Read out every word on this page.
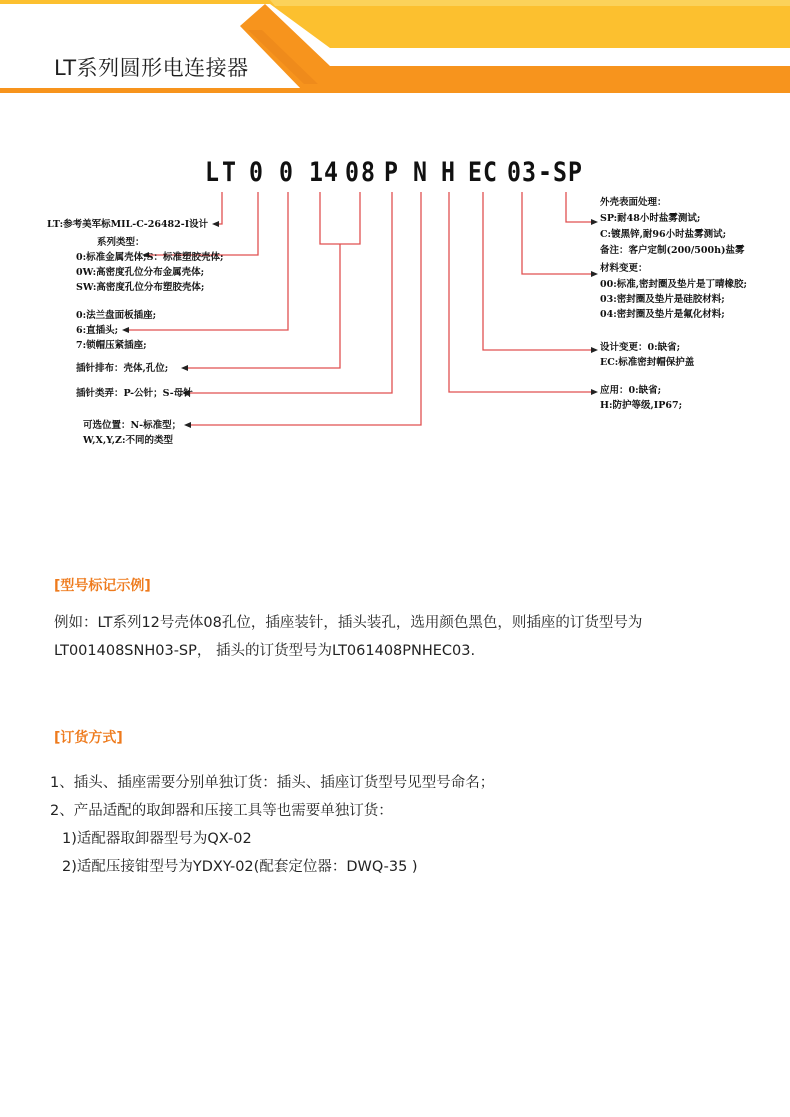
LT系列圆形电连接器
L T 0 0 1 4 0 8 P N H E C 0 3 - S P
LT:参考美军标MIL-C-26482-I设计
系列类型：
0:标准金属壳体;S：标准塑胶壳体;
0W:高密度孔位分布金属壳体;
SW:高密度孔位分布塑胶壳体;
0:法兰盘面板插座;
6:直插头;
7:锁帽压紧插座;
插针排布：壳体,孔位;
插针类弄：P-公针；S-母针
可选位置：N-标准型；
W,X,Y,Z:不同的类型
外壳表面处理：
SP:耐48小时盐雾测试;
C:镀黑锌,耐96小时盐雾测试;
备注：客户定制(200/500h)盐雾
材料变更：
00:标准,密封圈及垫片是丁晴橡胶;
03:密封圈及垫片是硅胶材料;
04:密封圈及垫片是氟化材料;
设计变更：0:缺省;
EC:标准密封帽保护盖
应用：0:缺省;
H:防护等级,IP67;
[型号标记示例]
例如：LT系列12号壳体08孔位，插座装针，插头装孔，选用颜色黑色，则插座的订货型号为
LT001408SNH03-SP， 插头的订货型号为LT061408PNHEC03.
[订货方式]
1、插头、插座需要分别单独订货：插头、插座订货型号见型号命名；
2、产品适配的取卸器和压接工具等也需要单独订货：
1)适配器取卸器型号为QX-02
2)适配压接钳型号为YDXY-02(配套定位器：DWQ-35 )
